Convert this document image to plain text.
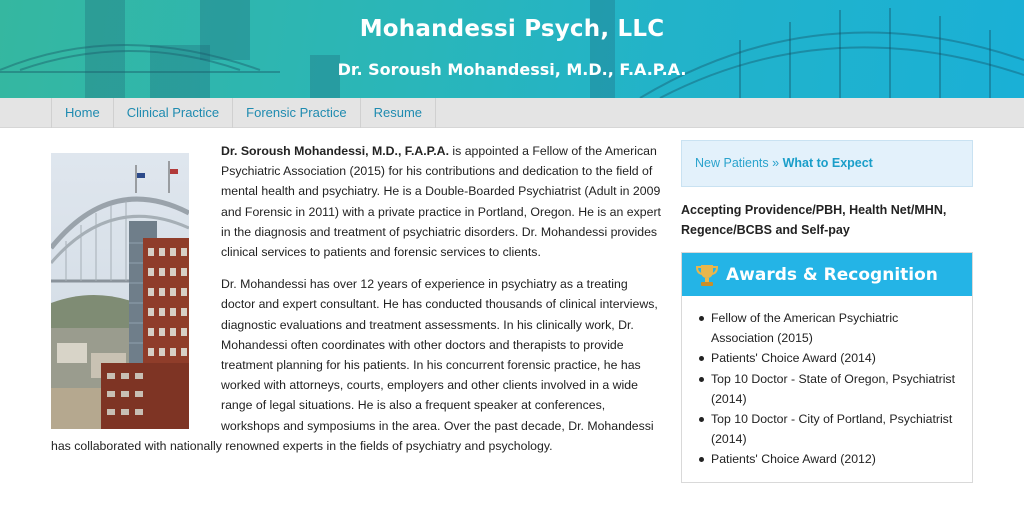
Mohandessi Psych, LLC
Dr. Soroush Mohandessi, M.D., F.A.P.A.
Home	Clinical Practice	Forensic Practice	Resume

Dr. Soroush Mohandessi, M.D., F.A.P.A. is appointed a Fellow of the American Psychiatric Association (2015) for his contributions and dedication to the field of mental health and psychiatry. He is a Double-Boarded Psychiatrist (Adult in 2009 and Forensic in 2011) with a private practice in Portland, Oregon. He is an expert in the diagnosis and treatment of psychiatric disorders. Dr. Mohandessi provides clinical services to patients and forensic services to clients.

Dr. Mohandessi has over 12 years of experience in psychiatry as a treating doctor and expert consultant. He has conducted thousands of clinical interviews, diagnostic evaluations and treatment assessments. In his clinically work, Dr. Mohandessi often coordinates with other doctors and therapists to provide treatment planning for his patients. In his concurrent forensic practice, he has worked with attorneys, courts, employers and other clients involved in a wide range of legal situations. He is also a frequent speaker at conferences, workshops and symposiums in the area. Over the past decade, Dr. Mohandessi has collaborated with nationally renowned experts in the fields of psychiatry and psychology.

New Patients » What to Expect
Accepting Providence/PBH, Health Net/MHN, Regence/BCBS and Self-pay
Awards & Recognition
Fellow of the American Psychiatric Association (2015)
Patients' Choice Award (2014)
Top 10 Doctor - State of Oregon, Psychiatrist (2014)
Top 10 Doctor - City of Portland, Psychiatrist (2014)
Patients' Choice Award (2012)
